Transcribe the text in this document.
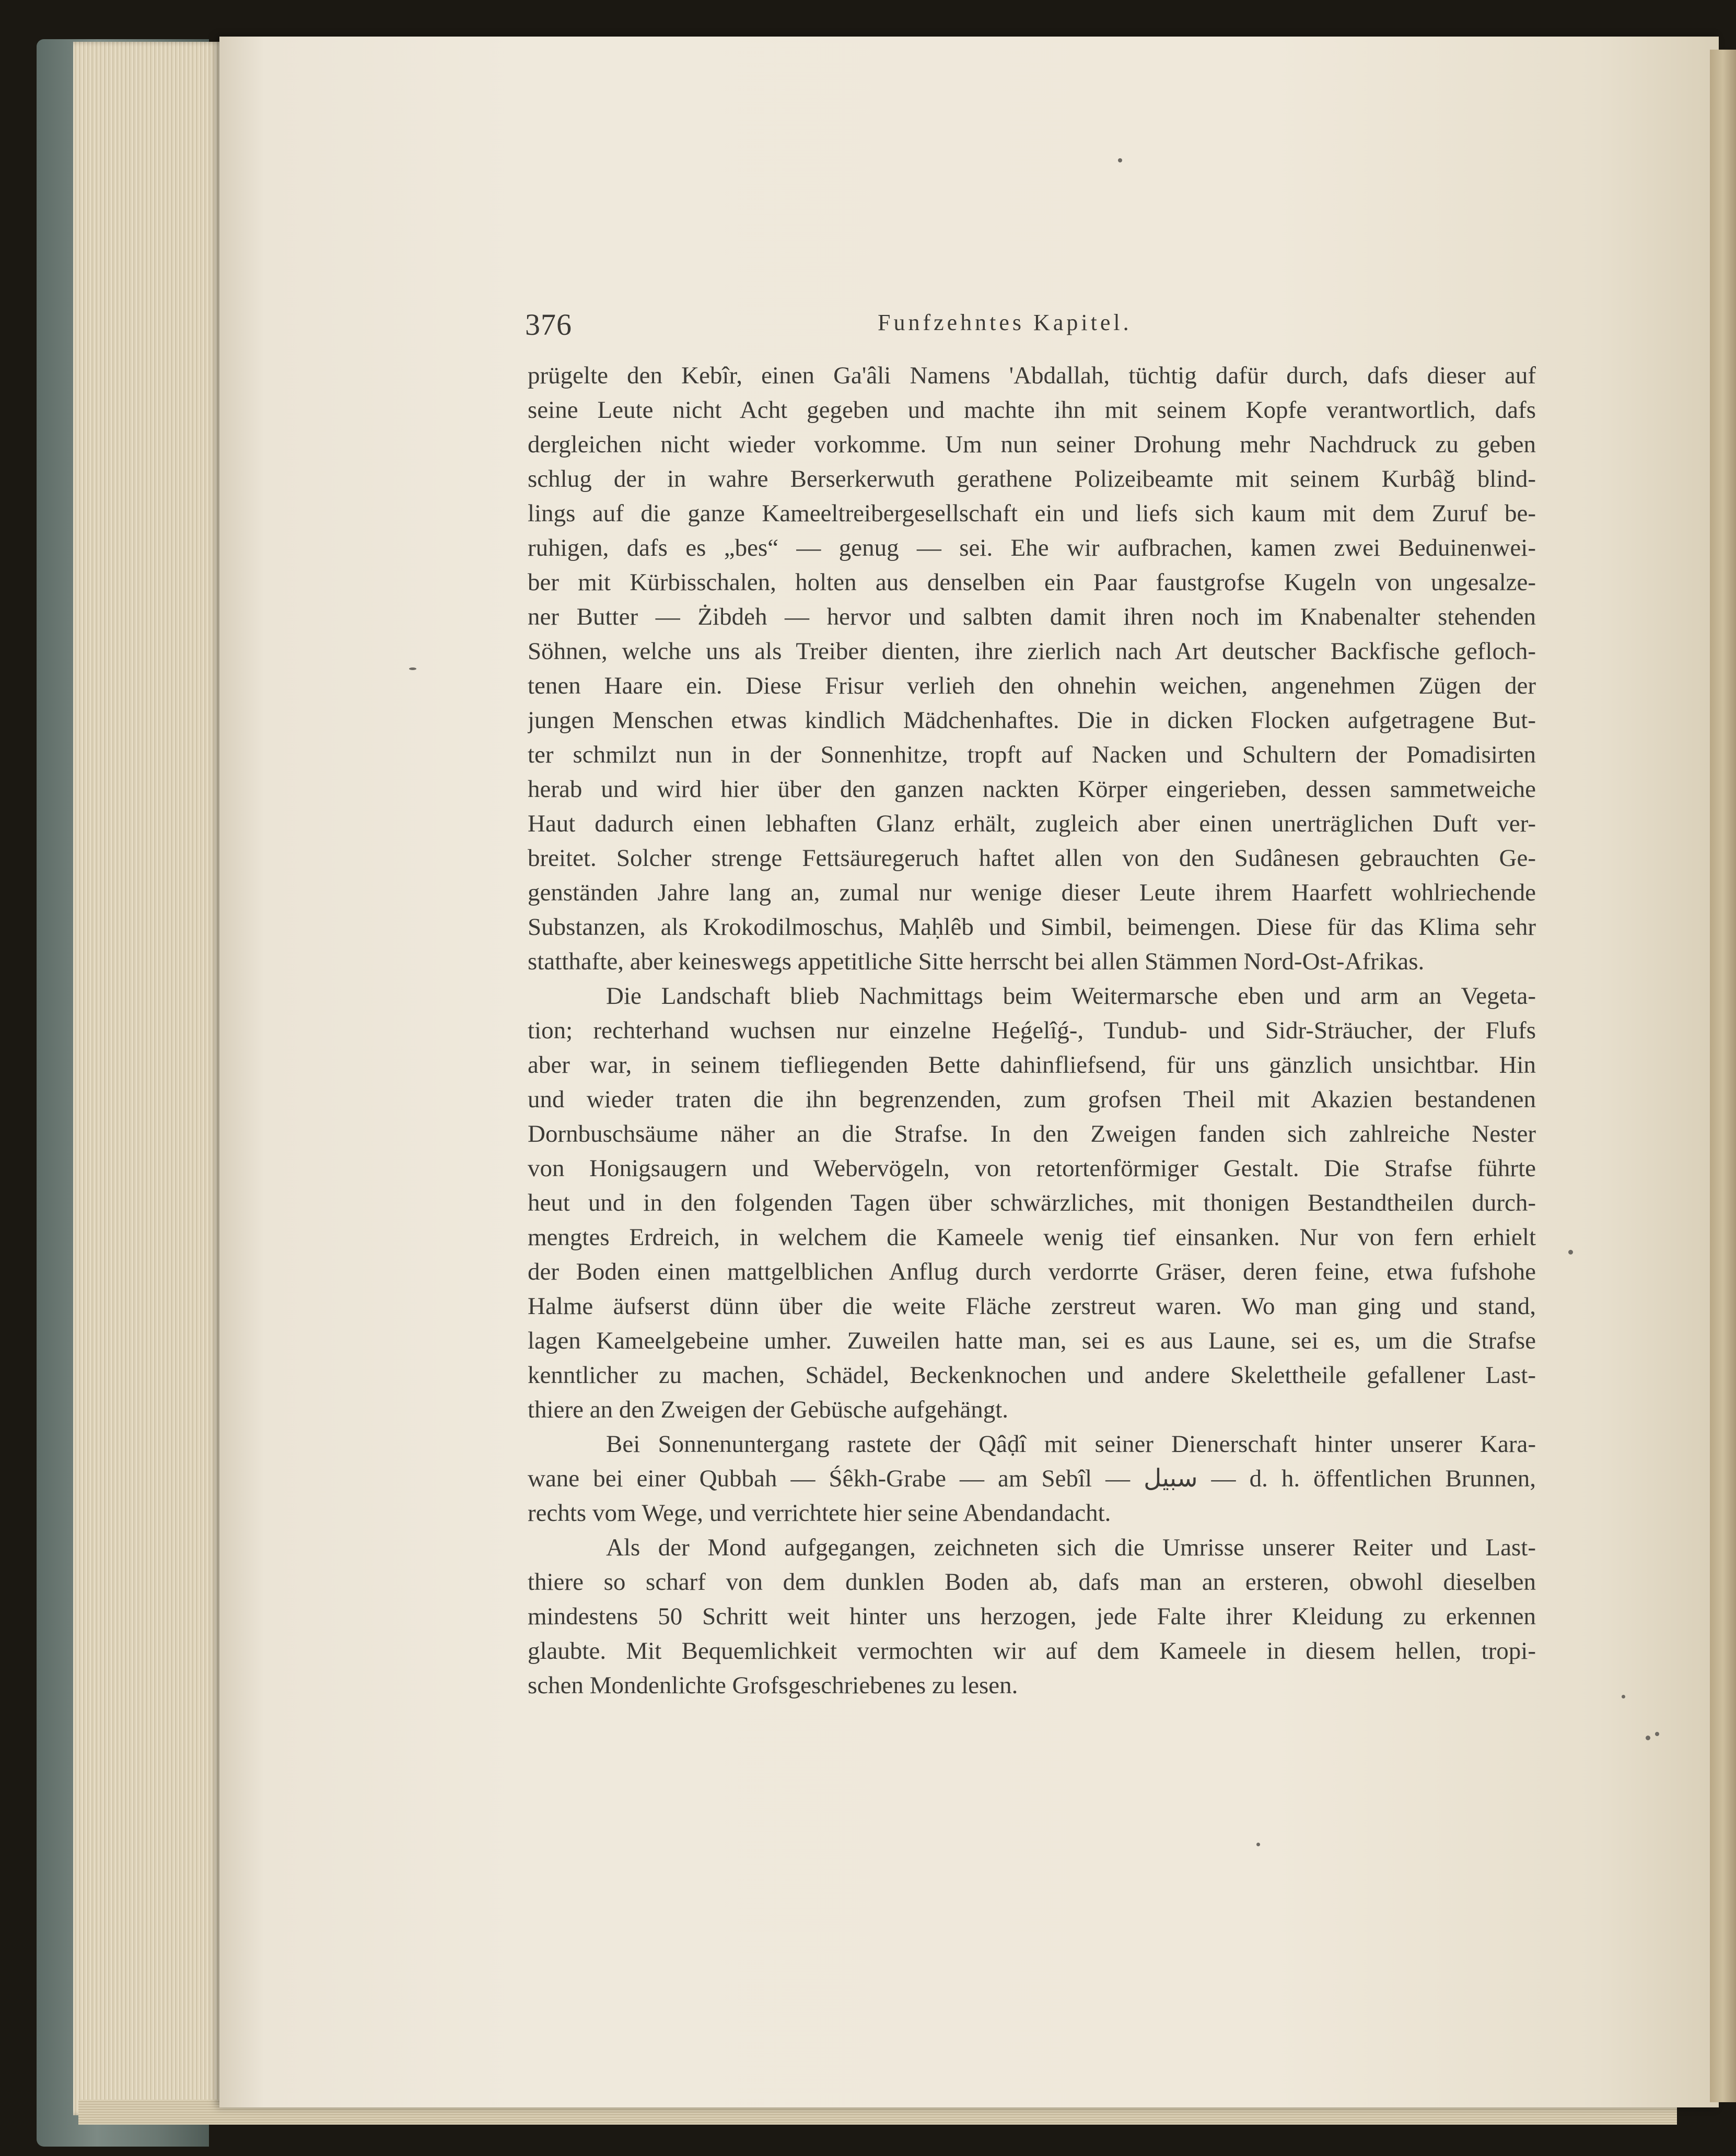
376	Funfzehntes Kapitel.
prügelte den Kebîr, einen Ga'âli Namens 'Abdallah, tüchtig dafür durch, dafs dieser auf
seine Leute nicht Acht gegeben und machte ihn mit seinem Kopfe verantwortlich, dafs
dergleichen nicht wieder vorkomme. Um nun seiner Drohung mehr Nachdruck zu geben
schlug der in wahre Berserkerwuth gerathene Polizeibeamte mit seinem Kurbâǧ blind-
lings auf die ganze Kameeltreibergesellschaft ein und liefs sich kaum mit dem Zuruf be-
ruhigen, dafs es „bes“ — genug — sei. Ehe wir aufbrachen, kamen zwei Beduinenwei-
ber mit Kürbisschalen, holten aus denselben ein Paar faustgrofse Kugeln von ungesalze-
ner Butter — Żibdeh — hervor und salbten damit ihren noch im Knabenalter stehenden
Söhnen, welche uns als Treiber dienten, ihre zierlich nach Art deutscher Backfische geflоch-
tenen Haare ein. Diese Frisur verlieh den ohnehin weichen, angenehmen Zügen der
jungen Menschen etwas kindlich Mädchenhaftes. Die in dicken Flocken aufgetragene But-
ter schmilzt nun in der Sonnenhitze, tropft auf Nacken und Schultern der Pomadisirten
herab und wird hier über den ganzen nackten Körper eingerieben, dessen sammetweiche
Haut dadurch einen lebhaften Glanz erhält, zugleich aber einen unerträglichen Duft ver-
breitet. Solcher strenge Fettsäuregeruch haftet allen von den Sudânesen gebrauchten Ge-
genständen Jahre lang an, zumal nur wenige dieser Leute ihrem Haarfett wohlriechende
Substanzen, als Krokodilmoschus, Maḥlêb und Simbil, beimengen. Diese für das Klima sehr
statthafte, aber keineswegs appetitliche Sitte herrscht bei allen Stämmen Nord-Ost-Afrikas.
Die Landschaft blieb Nachmittags beim Weitermarsche eben und arm an Vegeta-
tion; rechterhand wuchsen nur einzelne Heǵelîǵ-, Tundub- und Sidr-Sträucher, der Flufs
aber war, in seinem tiefliegenden Bette dahinfliefsend, für uns gänzlich unsichtbar. Hin
und wieder traten die ihn begrenzenden, zum grofsen Theil mit Akazien bestandenen
Dornbuschsäume näher an die Strafse. In den Zweigen fanden sich zahlreiche Nester
von Honigsaugern und Webervögeln, von retortenförmiger Gestalt. Die Strafse führte
heut und in den folgenden Tagen über schwärzliches, mit thonigen Bestandtheilen durch-
mengtes Erdreich, in welchem die Kameele wenig tief einsanken. Nur von fern erhielt
der Boden einen mattgelblichen Anflug durch verdorrte Gräser, deren feine, etwa fufshohe
Halme äufserst dünn über die weite Fläche zerstreut waren. Wo man ging und stand,
lagen Kameelgebeine umher. Zuweilen hatte man, sei es aus Laune, sei es, um die Strafse
kenntlicher zu machen, Schädel, Beckenknochen und andere Skelettheile gefallener Last-
thiere an den Zweigen der Gebüsche aufgehängt.
Bei Sonnenuntergang rastete der Qâḍî mit seiner Dienerschaft hinter unserer Kara-
wane bei einer Qubbah — Śêkh-Grabe — am Sebîl — سبيل — d. h. öffentlichen Brunnen,
rechts vom Wege, und verrichtete hier seine Abendandacht.
Als der Mond aufgegangen, zeichneten sich die Umrisse unserer Reiter und Last-
thiere so scharf von dem dunklen Boden ab, dafs man an ersteren, obwohl dieselben
mindestens 50 Schritt weit hinter uns herzogen, jede Falte ihrer Kleidung zu erkennen
glaubte. Mit Bequemlichkeit vermochten wir auf dem Kameele in diesem hellen, tropi-
schen Mondenlichte Grofsgeschriebenes zu lesen.
